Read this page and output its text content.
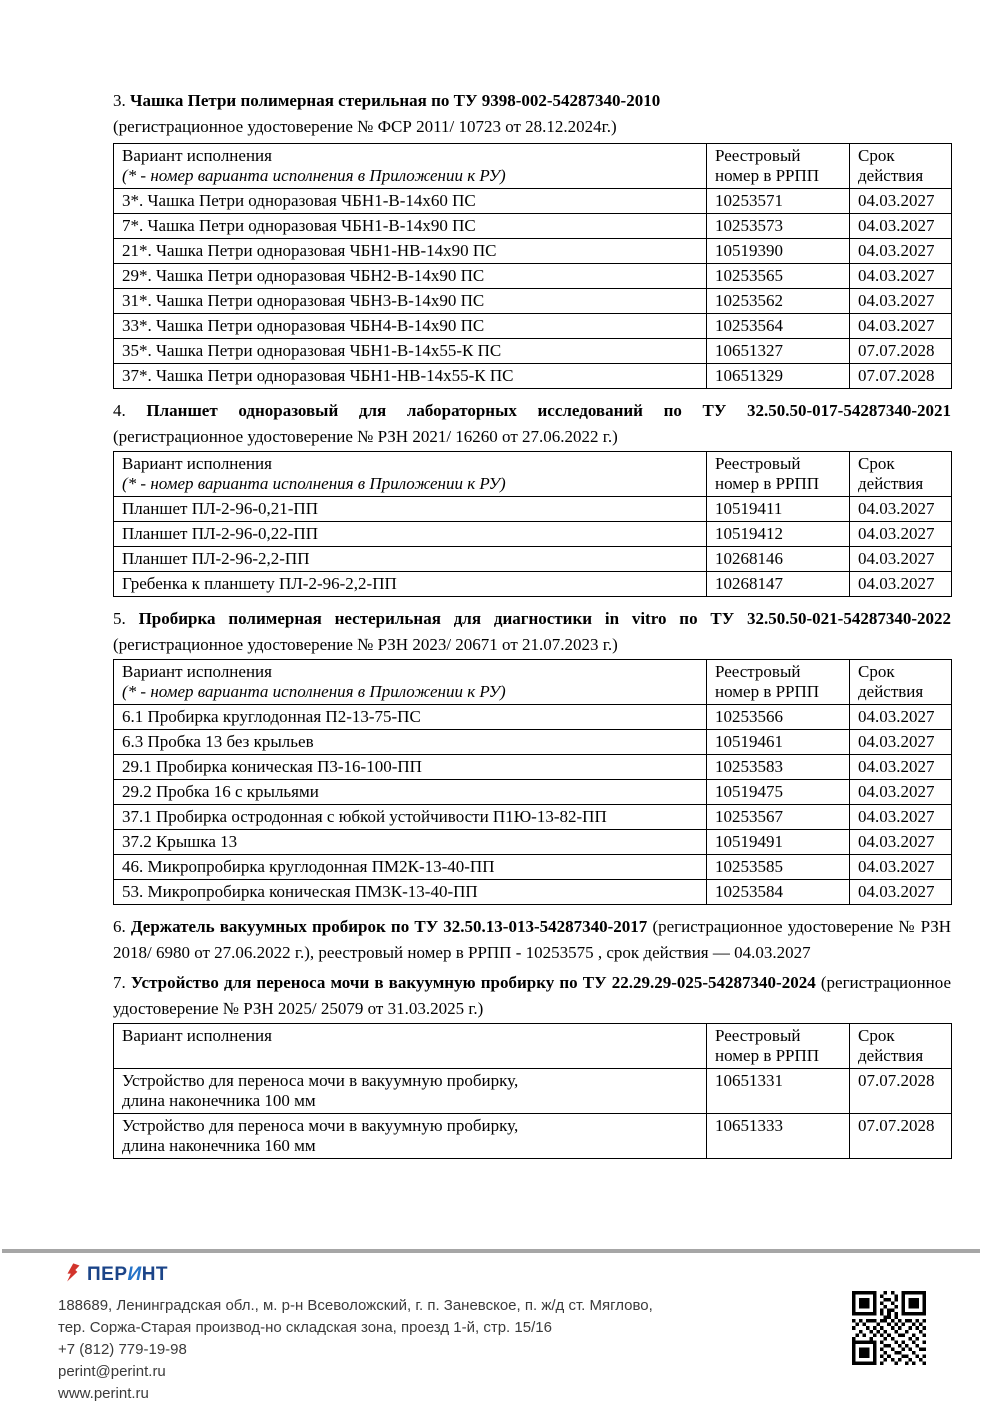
3. Чашка Петри полимерная стерильная по ТУ 9398-002-54287340-2010

(регистрационное удостоверение № ФСР 2011/ 10723 от 28.12.2024г.)

Вариант исполнения
(* - номер варианта исполнения в Приложении к РУ)	Реестровый номер в РРПП	Срок действия
3*. Чашка Петри одноразовая ЧБН1-В-14х60 ПС	10253571	04.03.2027
7*. Чашка Петри одноразовая ЧБН1-В-14х90 ПС	10253573	04.03.2027
21*. Чашка Петри одноразовая ЧБН1-НВ-14х90 ПС	10519390	04.03.2027
29*. Чашка Петри одноразовая ЧБН2-В-14х90 ПС	10253565	04.03.2027
31*. Чашка Петри одноразовая ЧБН3-В-14х90 ПС	10253562	04.03.2027
33*. Чашка Петри одноразовая ЧБН4-В-14х90 ПС	10253564	04.03.2027
35*. Чашка Петри одноразовая ЧБН1-В-14х55-К ПС	10651327	07.07.2028
37*. Чашка Петри одноразовая ЧБН1-НВ-14х55-К ПС	10651329	07.07.2028

4. Планшет одноразовый для лабораторных исследований по ТУ 32.50.50-017-54287340-2021 (регистрационное удостоверение № РЗН 2021/ 16260 от 27.06.2022 г.)

Вариант исполнения
(* - номер варианта исполнения в Приложении к РУ)	Реестровый номер в РРПП	Срок действия
Планшет ПЛ-2-96-0,21-ПП	10519411	04.03.2027
Планшет ПЛ-2-96-0,22-ПП	10519412	04.03.2027
Планшет ПЛ-2-96-2,2-ПП	10268146	04.03.2027
Гребенка к планшету ПЛ-2-96-2,2-ПП	10268147	04.03.2027

5. Пробирка полимерная нестерильная для диагностики in vitro по ТУ 32.50.50-021-54287340-2022 (регистрационное удостоверение № РЗН 2023/ 20671 от 21.07.2023 г.)

Вариант исполнения
(* - номер варианта исполнения в Приложении к РУ)	Реестровый номер в РРПП	Срок действия
6.1 Пробирка круглодонная П2-13-75-ПС	10253566	04.03.2027
6.3 Пробка 13 без крыльев	10519461	04.03.2027
29.1 Пробирка коническая П3-16-100-ПП	10253583	04.03.2027
29.2 Пробка 16 с крыльями	10519475	04.03.2027
37.1 Пробирка остродонная с юбкой устойчивости П1Ю-13-82-ПП	10253567	04.03.2027
37.2 Крышка 13	10519491	04.03.2027
46. Микропробирка круглодонная ПМ2К-13-40-ПП	10253585	04.03.2027
53. Микропробирка коническая ПМ3К-13-40-ПП	10253584	04.03.2027

6. Держатель вакуумных пробирок по ТУ 32.50.13-013-54287340-2017 (регистрационное удостоверение № РЗН 2018/ 6980 от 27.06.2022 г.), реестровый номер в РРПП - 10253575 , срок действия — 04.03.2027

7. Устройство для переноса мочи в вакуумную пробирку по ТУ 22.29.29-025-54287340-2024 (регистрационное удостоверение № РЗН 2025/ 25079 от 31.03.2025 г.)

Вариант исполнения	Реестровый номер в РРПП	Срок действия
Устройство для переноса мочи в вакуумную пробирку,
длина наконечника 100 мм	10651331	07.07.2028
Устройство для переноса мочи в вакуумную пробирку,
длина наконечника 160 мм	10651333	07.07.2028
ПЕРИНТ
188689, Ленинградская обл., м. р-н Всеволожский, г. п. Заневское, п. ж/д ст. Мяглово,
тер. Соржа-Старая производ-но складская зона, проезд 1-й, стр. 15/16
+7 (812) 779-19-98
perint@perint.ru
www.perint.ru
